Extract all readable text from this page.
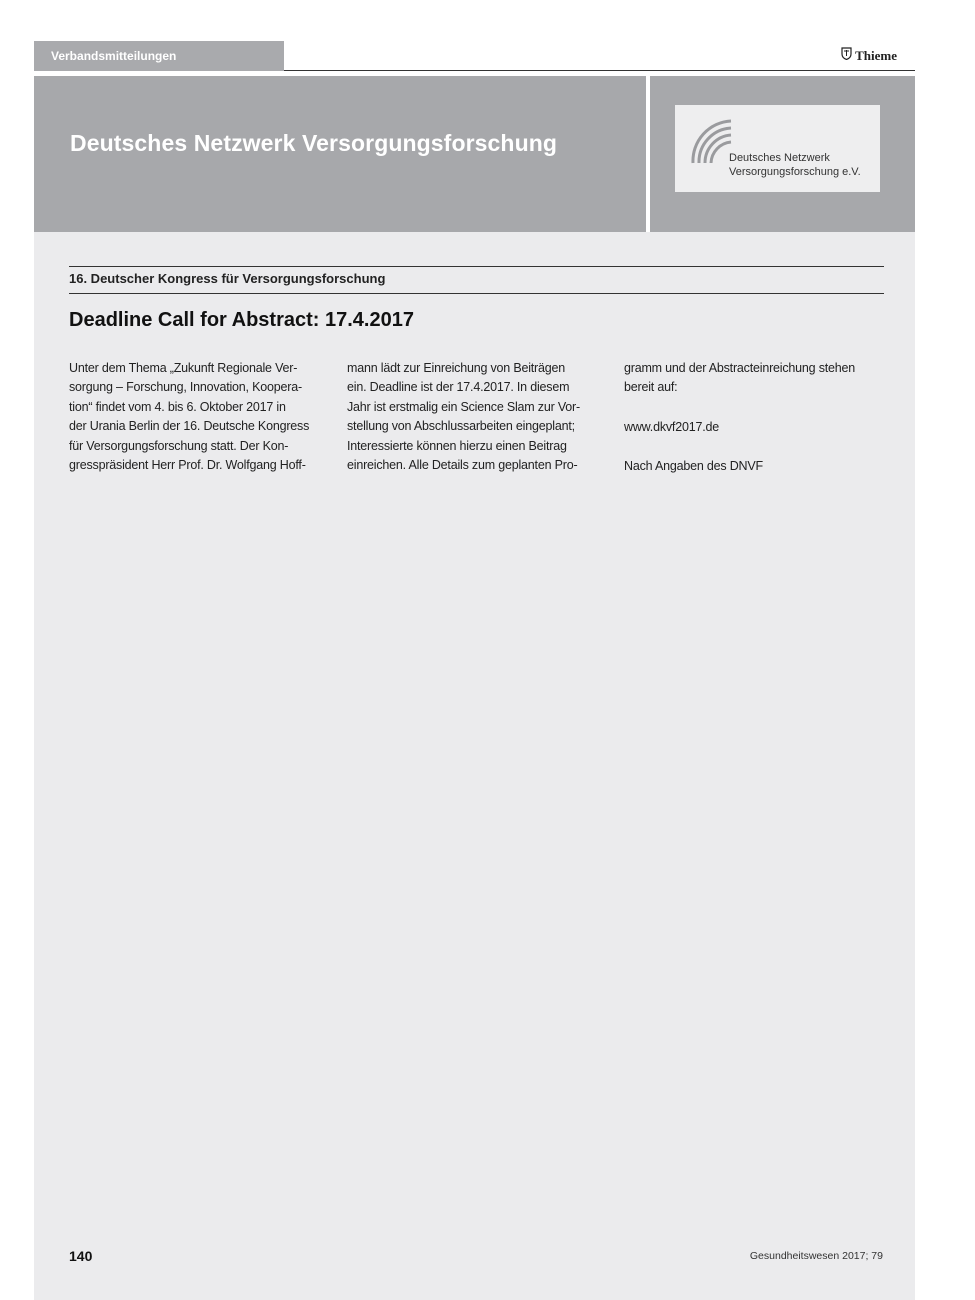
Verbandsmitteilungen	Thieme
Deutsches Netzwerk Versorgungsforschung
Deutsches Netzwerk
Versorgungsforschung e.V.
16. Deutscher Kongress für Versorgungsforschung
Deadline Call for Abstract: 17.4.2017
Unter dem Thema „Zukunft Regionale Ver-
sorgung – Forschung, Innovation, Koopera-
tion“ findet vom 4. bis 6. Oktober 2017 in
der Urania Berlin der 16. Deutsche Kongress
für Versorgungsforschung statt. Der Kon-
gresspräsident Herr Prof. Dr. Wolfgang Hoff-
mann lädt zur Einreichung von Beiträgen
ein. Deadline ist der 17.4.2017. In diesem
Jahr ist erstmalig ein Science Slam zur Vor-
stellung von Abschlussarbeiten eingeplant;
Interessierte können hierzu einen Beitrag
einreichen. Alle Details zum geplanten Pro-
gramm und der Abstracteinreichung stehen
bereit auf:
www.dkvf2017.de
Nach Angaben des DNVF
140	Gesundheitswesen 2017; 79
